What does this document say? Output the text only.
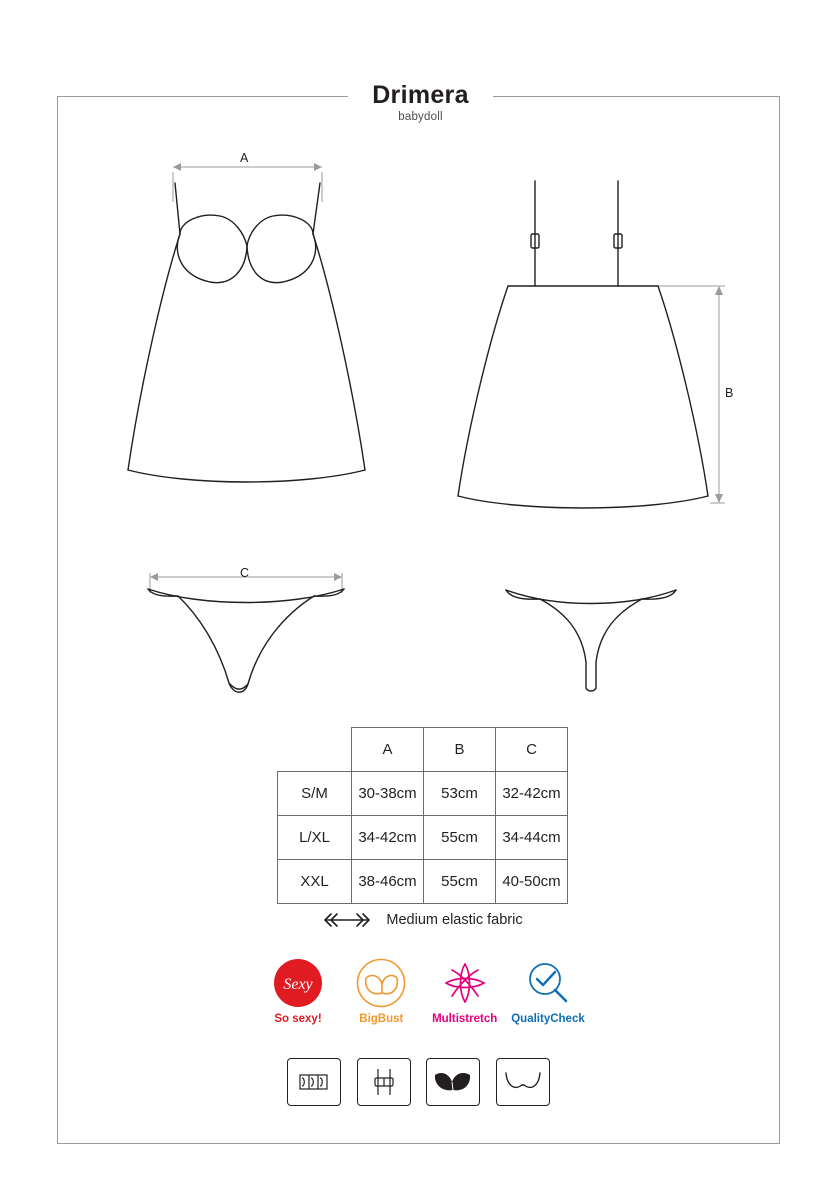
Drimera
babydoll
A
B
C
	A	B	C
S/M	30-38cm	53cm	32-42cm
L/XL	34-42cm	55cm	34-44cm
XXL	38-46cm	55cm	40-50cm
Medium elastic fabric
Sexy
So sexy!	BigBust	Multistretch	QualityCheck
